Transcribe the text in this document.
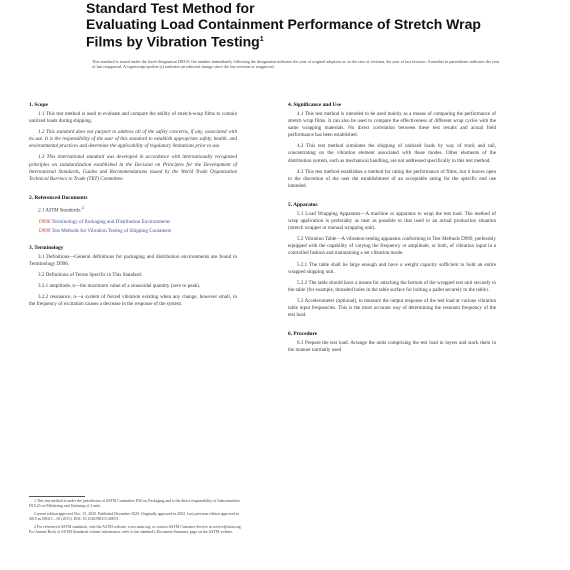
Standard Test Method for
Evaluating Load Containment Performance of Stretch Wrap
Films by Vibration Testing$^1$
This standard is issued under the fixed designation D8315; the number immediately following the designation indicates the year of original adoption or, in the case of revision, the year of last revision. A number in parentheses indicates the year of last reapproval. A superscript epsilon (ε) indicates an editorial change since the last revision or reapproval.
1. Scope

1.1 This test method is used to evaluate and compare the ability of stretch-wrap films to contain unitized loads during shipping.

1.2 This standard does not purport to address all of the safety concerns, if any, associated with its use. It is the responsibility of the user of this standard to establish appropriate safety, health, and environmental practices and determine the applicability of regulatory limitations prior to use.

1.3 This international standard was developed in accordance with internationally recognized principles on standardization established in the Decision on Principles for the Development of International Standards, Guides and Recommendations issued by the World Trade Organization Technical Barriers to Trade (TBT) Committee.

2. Referenced Documents

2.1 ASTM Standards:$^2$

D996 Terminology of Packaging and Distribution Environments

D999 Test Methods for Vibration Testing of Shipping Containers

3. Terminology

3.1 Definitions—General definitions for packaging and distribution environments are found in Terminology D996.

3.2 Definitions of Terms Specific to This Standard:

3.2.1 amplitude, n—the maximum value of a sinusoidal quantity (zero to peak).

3.2.2 resonance, n—a system of forced vibration existing when any change, however small, in the frequency of excitation causes a decrease in the response of the system.

1 This test method is under the jurisdiction of ASTM Committee D10 on Packaging and is the direct responsibility of Subcommittee D10.25 on Palletizing and Unitizing of Loads.

Current edition approved Dec. 15, 2020. Published December 2020. Originally approved in 2002. Last previous edition approved in 2015 as D8315 – 05 (2015). DOI: 10.1520/D8315-20E01.

2 For referenced ASTM standards, visit the ASTM website, www.astm.org, or contact ASTM Customer Service at service@astm.org. For Annual Book of ASTM Standards volume information, refer to the standard's Document Summary page on the ASTM website.

4. Significance and Use

4.1 This test method is intended to be used mainly as a means of comparing the performance of stretch wrap films. It can also be used to compare the effectiveness of different wrap cycles with the same wrapping materials. No direct correlation between these test results and actual field performance has been established.

4.2 This test method simulates the shipping of unitized loads by way of truck and rail, concentrating on the vibration element associated with these modes. Other elements of the distribution system, such as mechanical handling, are not addressed specifically in this test method.

4.3 This test method establishes a method for rating the performance of films, but it leaves open to the discretion of the user the establishment of an acceptable rating for the specific end use intended.

5. Apparatus

5.1 Load Wrapping Apparatus—A machine or apparatus to wrap the test load. The method of wrap application is preferably as near as possible to that used in an actual production situation (stretch wrapper or manual wrapping unit).

5.2 Vibration Table—A vibration-testing apparatus conforming to Test Methods D999, preferably equipped with the capability of varying the frequency or amplitude, or both, of vibration input in a controlled fashion and maintaining a set vibration mode.

5.2.1 The table shall be large enough and have a weight capacity sufficient to hold an entire wrapped shipping unit.

5.2.2 The table should have a means for attaching the bottom of the wrapped test unit securely to the table (for example, threaded holes in the table surface for bolting a pallet securely to the table).

5.3 Accelerometer (optional), to measure the output response of the test load at various vibration table input frequencies. This is the most accurate way of determining the resonant frequency of the test load.

6. Procedure

6.1 Prepare the test load. Arrange the units comprising the test load in layers and stack them in the manner normally used
